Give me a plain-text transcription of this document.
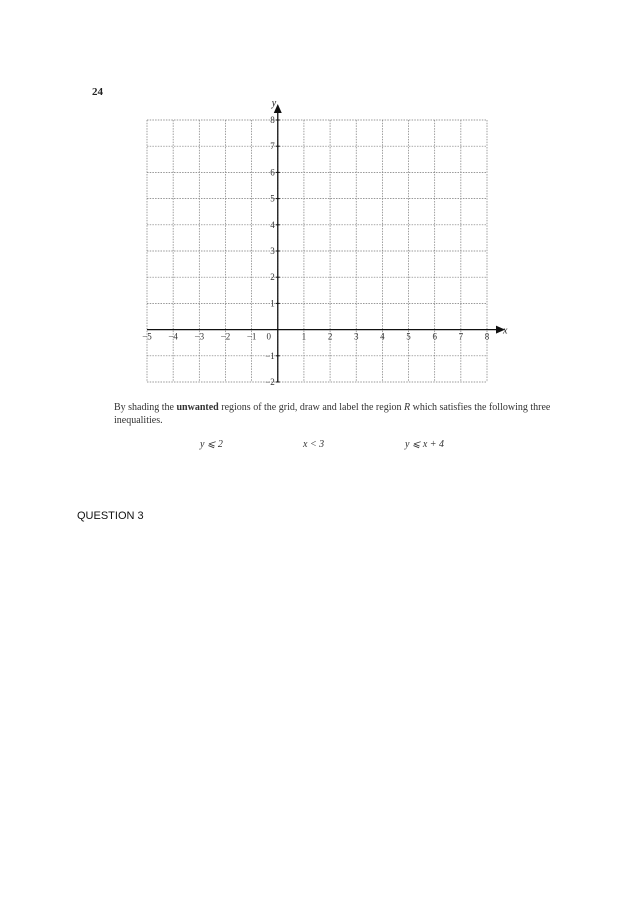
24
x
y
−5 −4 −3 −2 −1 0	1 2 3 4 5 6 7 8
8
7
6
5
4
3
2
1
−1
−2
By shading the unwanted regions of the grid, draw and label the region R which satisfies the following three inequalities.
y ⩽ 2	x < 3	y ⩽ x + 4
QUESTION 3
